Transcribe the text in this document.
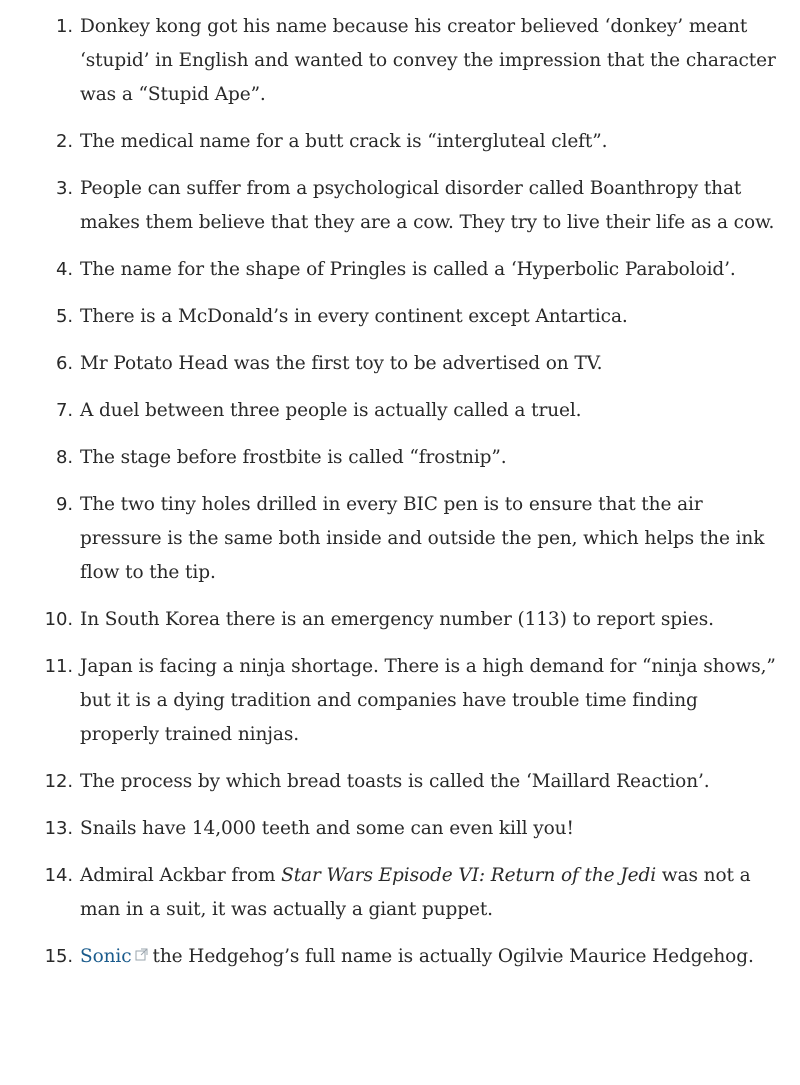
1. Donkey kong got his name because his creator believed ‘donkey’ meant ‘stupid’ in English and wanted to convey the impression that the character was a “Stupid Ape”.
2. The medical name for a butt crack is “intergluteal cleft”.
3. People can suffer from a psychological disorder called Boanthropy that makes them believe that they are a cow. They try to live their life as a cow.
4. The name for the shape of Pringles is called a ‘Hyperbolic Paraboloid’.
5. There is a McDonald’s in every continent except Antartica.
6. Mr Potato Head was the first toy to be advertised on TV.
7. A duel between three people is actually called a truel.
8. The stage before frostbite is called “frostnip”.
9. The two tiny holes drilled in every BIC pen is to ensure that the air pressure is the same both inside and outside the pen, which helps the ink flow to the tip.
10. In South Korea there is an emergency number (113) to report spies.
11. Japan is facing a ninja shortage. There is a high demand for “ninja shows,” but it is a dying tradition and companies have trouble time finding properly trained ninjas.
12. The process by which bread toasts is called the ‘Maillard Reaction’.
13. Snails have 14,000 teeth and some can even kill you!
14. Admiral Ackbar from Star Wars Episode VI: Return of the Jedi was not a man in a suit, it was actually a giant puppet.
15. Sonic the Hedgehog’s full name is actually Ogilvie Maurice Hedgehog.
